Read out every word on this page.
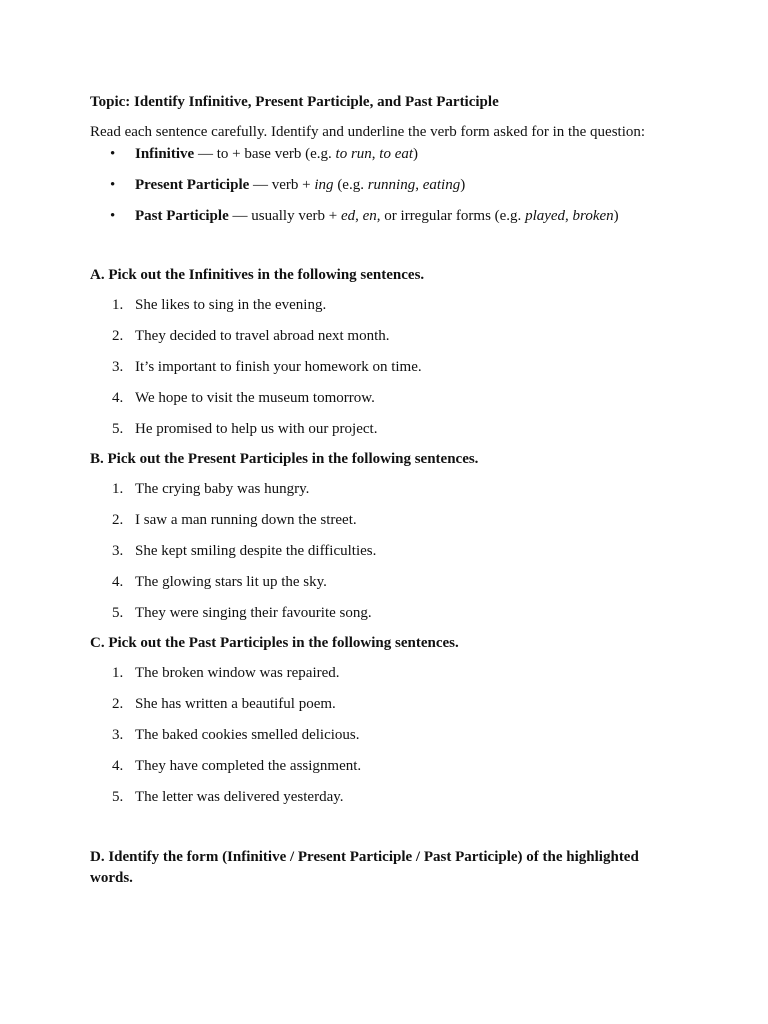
Topic: Identify Infinitive, Present Participle, and Past Participle
Read each sentence carefully. Identify and underline the verb form asked for in the question:
• Infinitive — to + base verb (e.g. to run, to eat)
• Present Participle — verb + ing (e.g. running, eating)
• Past Participle — usually verb + ed, en, or irregular forms (e.g. played, broken)
A. Pick out the Infinitives in the following sentences.
1. She likes to sing in the evening.
2. They decided to travel abroad next month.
3. It’s important to finish your homework on time.
4. We hope to visit the museum tomorrow.
5. He promised to help us with our project.
B. Pick out the Present Participles in the following sentences.
1. The crying baby was hungry.
2. I saw a man running down the street.
3. She kept smiling despite the difficulties.
4. The glowing stars lit up the sky.
5. They were singing their favourite song.
C. Pick out the Past Participles in the following sentences.
1. The broken window was repaired.
2. She has written a beautiful poem.
3. The baked cookies smelled delicious.
4. They have completed the assignment.
5. The letter was delivered yesterday.
D. Identify the form (Infinitive / Present Participle / Past Participle) of the highlighted words.
